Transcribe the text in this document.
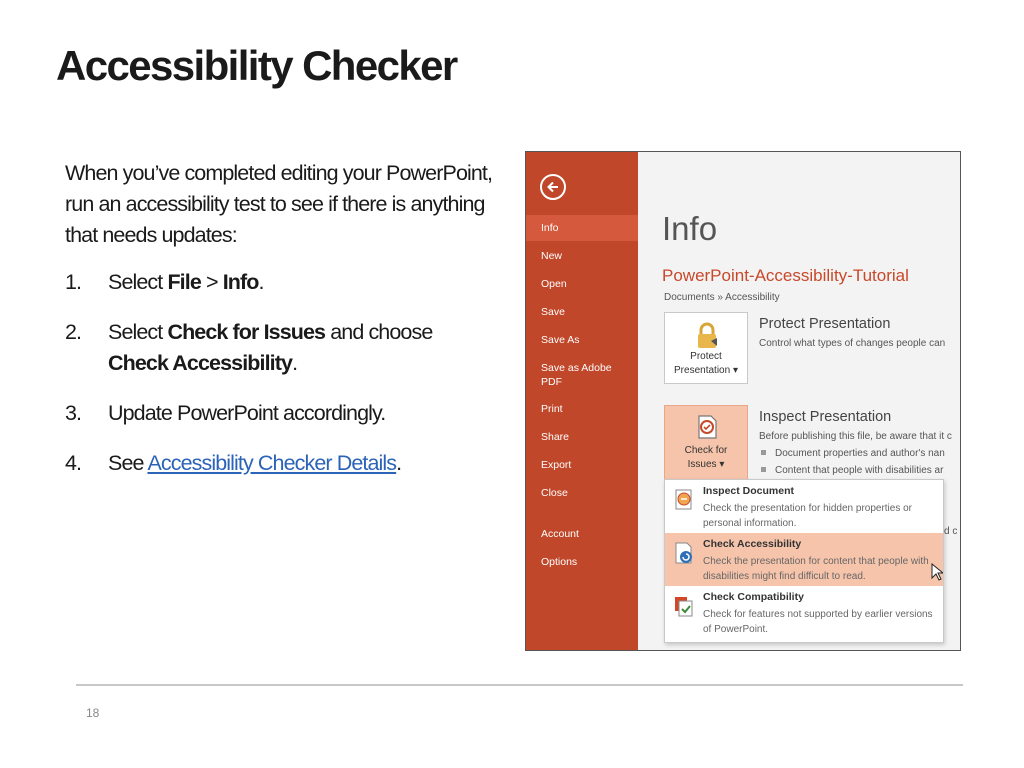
Accessibility Checker

When you’ve completed editing your PowerPoint, run an accessibility test to see if there is anything that needs updates:

1. Select File > Info.
2. Select Check for Issues and choose Check Accessibility.
3. Update PowerPoint accordingly.
4. See Accessibility Checker Details.
Info
New
Open
Save
Save As
Save as Adobe PDF
Print
Share
Export
Close
Account
Options
Info
PowerPoint-Accessibility-Tutorial
Documents » Accessibility
Protect
Presentation ▾
Protect Presentation
Control what types of changes people can
Check for
Issues ▾
Inspect Presentation
Before publishing this file, be aware that it c
Document properties and author's nan
Content that people with disabilities ar
d c
Inspect Document
Check the presentation for hidden properties or personal information.
Check Accessibility
Check the presentation for content that people with disabilities might find difficult to read.
Check Compatibility
Check for features not supported by earlier versions of PowerPoint.
18
